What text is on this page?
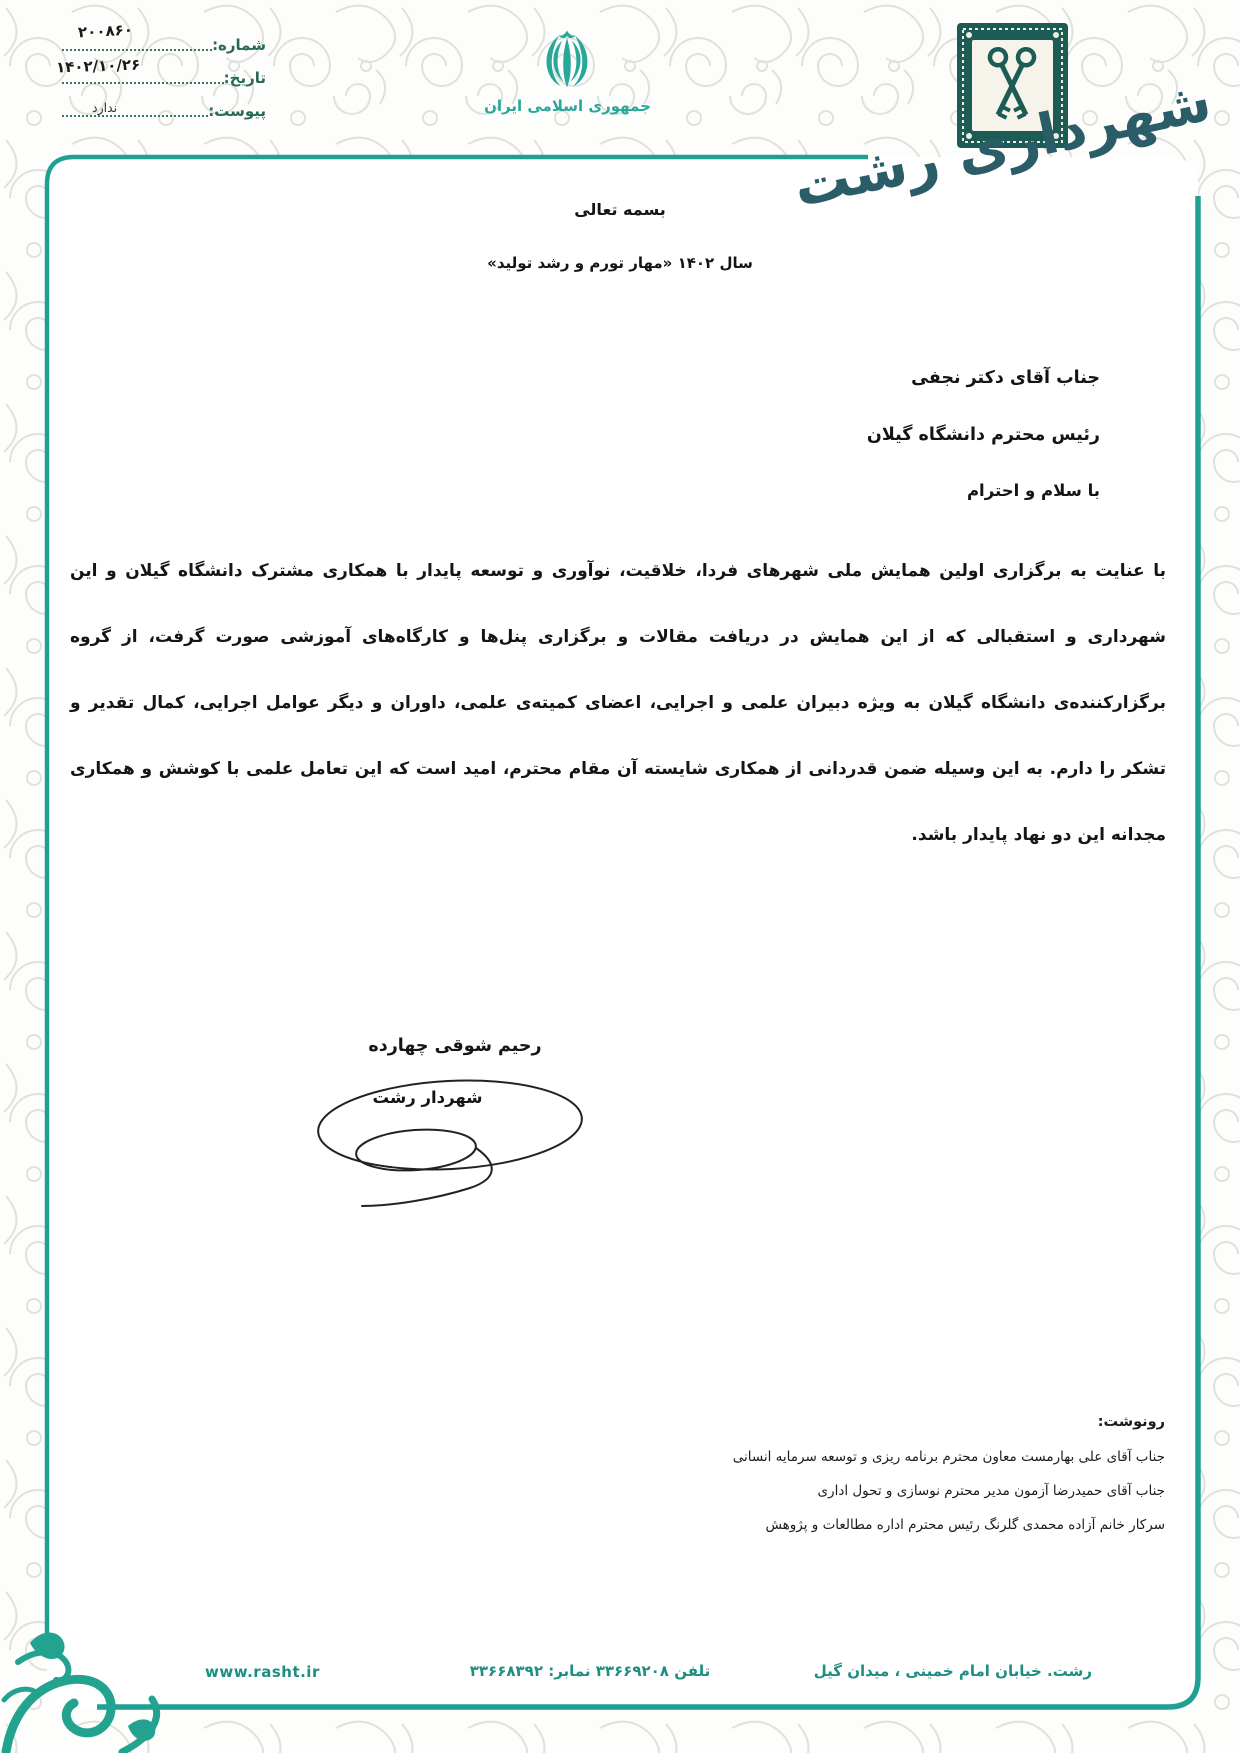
شماره:
تاریخ:
پیوست:
۲۰۰۸۶۰
۱۴۰۲/۱۰/۲۶
ندارد	جمهوری اسلامی ایران	شهرداری رشت
بسمه تعالی
سال ۱۴۰۲ «مهار تورم و رشد تولید»
جناب آقای دکتر نجفی
رئیس محترم دانشگاه گیلان
با سلام و احترام
با عنایت به برگزاری اولین همایش ملی شهرهای فردا، خلاقیت، نوآوری و توسعه پایدار با همکاری مشترک دانشگاه گیلان و این شهرداری و استقبالی که از این همایش در دریافت مقالات و برگزاری پنل‌ها و کارگاه‌های آموزشی صورت گرفت، از گروه برگزارکننده‌ی دانشگاه گیلان به ویژه دبیران علمی و اجرایی، اعضای کمیته‌ی علمی، داوران و دیگر عوامل اجرایی، کمال تقدیر و تشکر را دارم. به این وسیله ضمن قدردانی از همکاری شایسته آن مقام محترم، امید است که این تعامل علمی با کوشش و همکاری مجدانه این دو نهاد پایدار باشد.
رحیم شوقی چهارده
شهردار رشت
رونوشت:
جناب آقای علی بهارمست معاون محترم برنامه ریزی و توسعه سرمایه انسانی
جناب آقای حمیدرضا آزمون مدیر محترم نوسازی و تحول اداری
سرکار خانم آزاده محمدی گلرنگ رئیس محترم اداره مطالعات و پژوهش
رشت. خیابان امام خمینی ، میدان گیل
تلفن ۳۳۶۶۹۲۰۸ نمابر: ۳۳۶۶۸۳۹۲
www.rasht.ir
